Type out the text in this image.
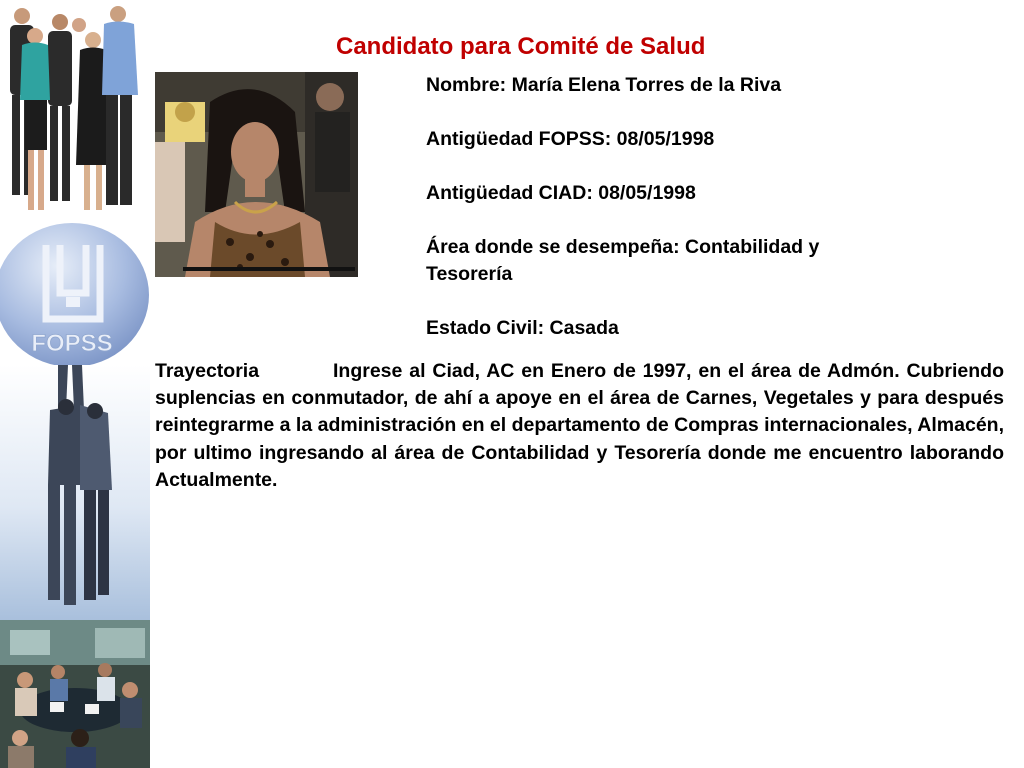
FOPSS
Candidato para Comité de Salud
Nombre: María Elena Torres de la Riva
Antigüedad FOPSS: 08/05/1998
Antigüedad CIAD: 08/05/1998
Área donde se desempeña: Contabilidad y Tesorería
Estado Civil: Casada
Trayectoria	Ingrese al Ciad, AC en Enero de 1997, en el área de Admón. Cubriendo suplencias en conmutador, de ahí a apoye en el área de Carnes, Vegetales y para después reintegrarme a la administración en el departamento de Compras internacionales, Almacén, por ultimo ingresando al área de Contabilidad y Tesorería donde me encuentro laborando Actualmente.
